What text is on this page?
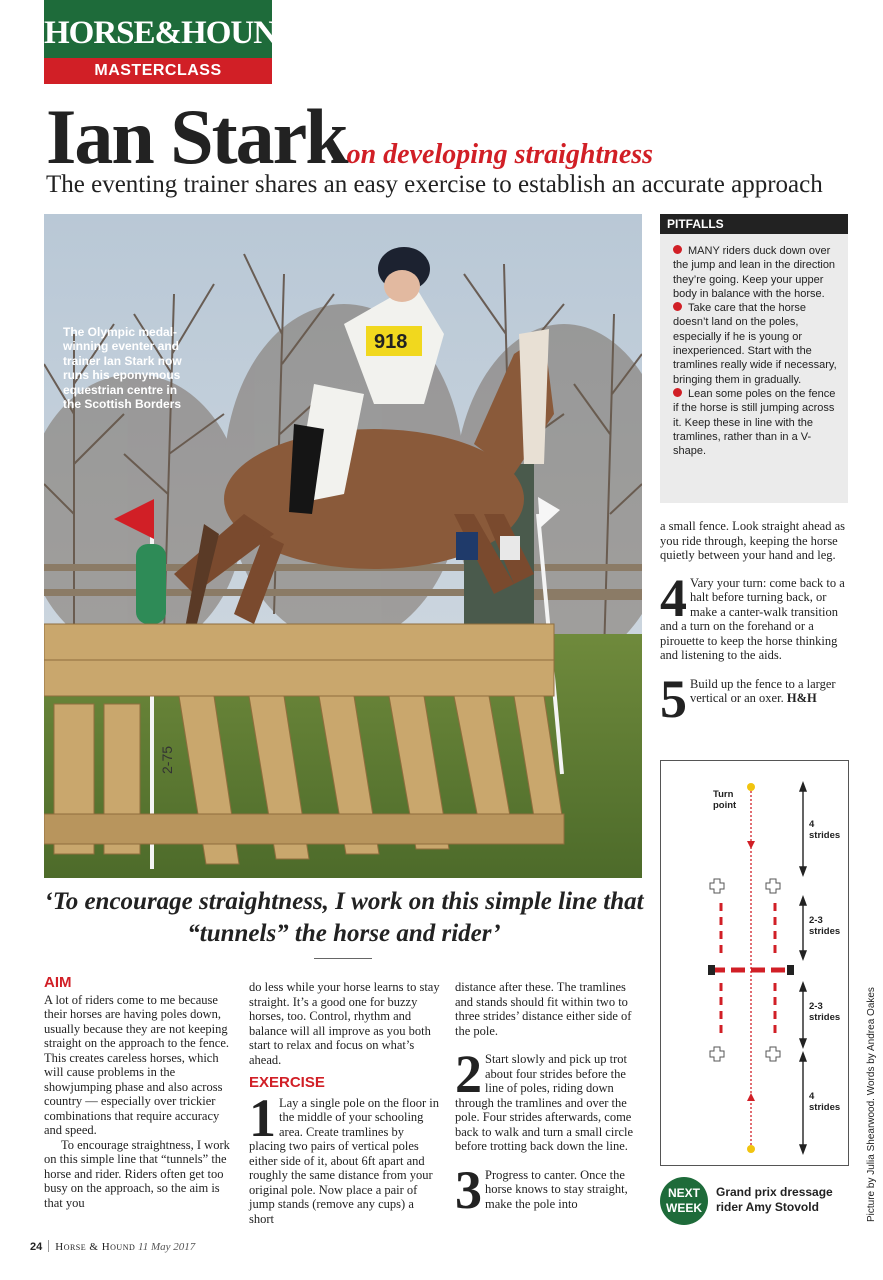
HORSE&HOUND
MASTERCLASS
Ian Starkon developing straightness
The eventing trainer shares an easy exercise to establish an accurate approach
918
2-75
The Olympic medal-winning eventer and trainer Ian Stark now runs his eponymous equestrian centre in the Scottish Borders
PITFALLS

MANY riders duck down over the jump and lean in the direction they’re going. Keep your upper body in balance with the horse.

Take care that the horse doesn’t land on the poles, especially if he is young or inexperienced. Start with the tramlines really wide if necessary, bringing them in gradually.

Lean some poles on the fence if the horse is still jumping across it. Keep these in line with the tramlines, rather than in a V-shape.

a small fence. Look straight ahead as you ride through, keeping the horse quietly between your hand and leg.

4 Vary your turn: come back to a halt before turning back, or make a canter-walk transition and a turn on the forehand or a pirouette to keep the horse thinking and listening to the aids.
5 Build up the fence to a larger vertical or an oxer. H&H
Turn point
4 strides
2-3 strides
2-3 strides
4 strides
NEXT WEEK
Grand prix dressage rider Amy Stovold
‘To encourage straightness, I work on this simple line that “tunnels” the horse and rider’
AIM

A lot of riders come to me because their horses are having poles down, usually because they are not keeping straight on the approach to the fence. This creates careless horses, which will cause problems in the showjumping phase and also across country — especially over trickier combinations that require accuracy and speed.

To encourage straightness, I work on this simple line that “tunnels” the horse and rider. Riders often get too busy on the approach, so the aim is that you

do less while your horse learns to stay straight. It’s a good one for buzzy horses, too. Control, rhythm and balance will all improve as you both start to relax and focus on what’s ahead.

EXERCISE
1 Lay a single pole on the floor in the middle of your schooling area. Create tramlines by placing two pairs of vertical poles either side of it, about 6ft apart and roughly the same distance from your original pole. Now place a pair of jump stands (remove any cups) a short

distance after these. The tramlines and stands should fit within two to three strides’ distance either side of the pole.

2 Start slowly and pick up trot about four strides before the line of poles, riding down through the tramlines and over the pole. Four strides afterwards, come back to walk and turn a small circle before trotting back down the line.
3 Progress to canter. Once the horse knows to stay straight, make the pole into	Picture by Julia Shearwood. Words by Andrea Oakes
24 Horse & Hound 11 May 2017
